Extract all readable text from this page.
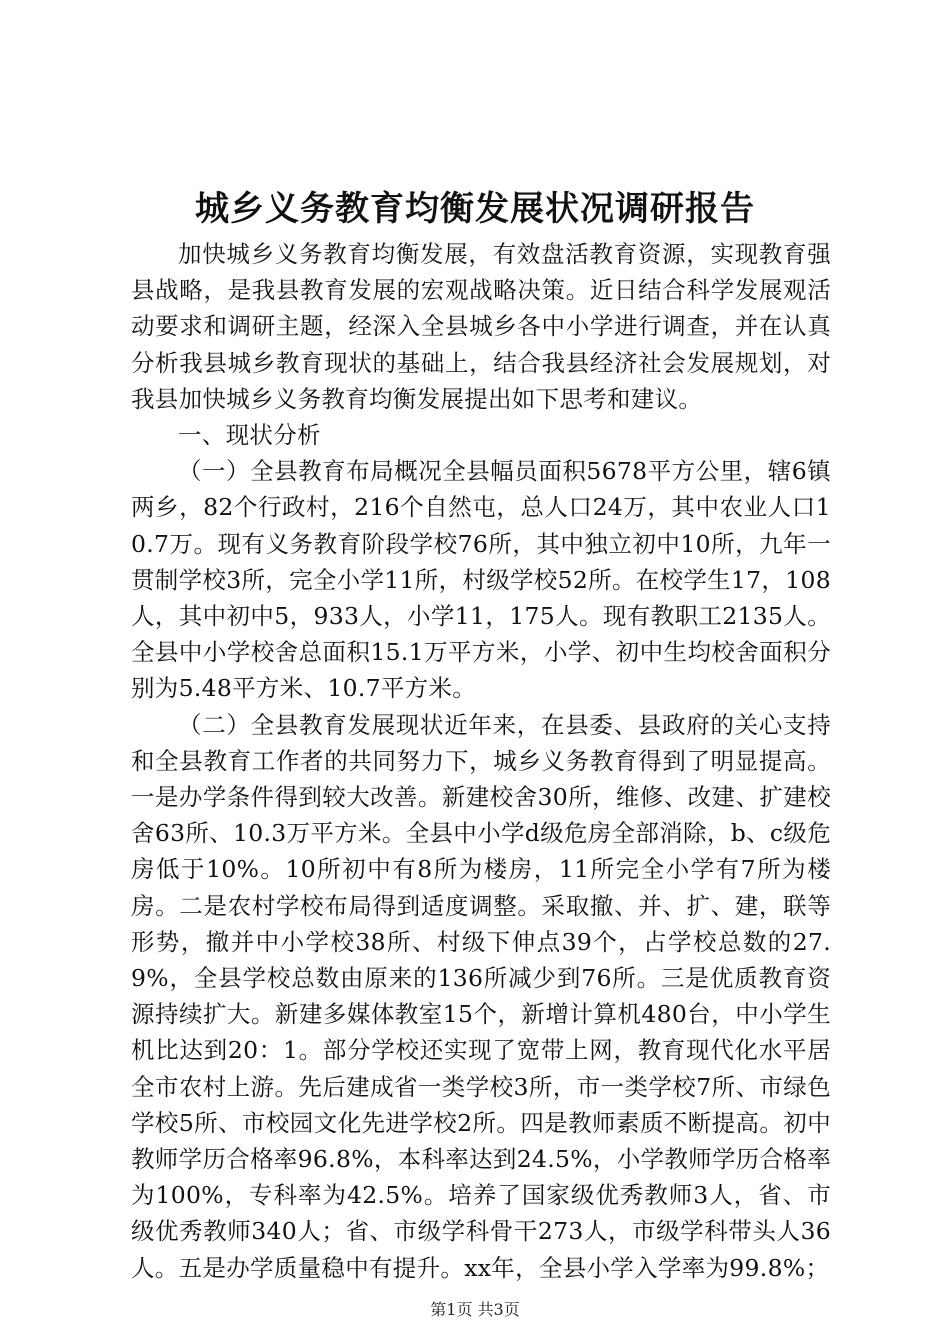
城乡义务教育均衡发展状况调研报告

加快城乡义务教育均衡发展，有效盘活教育资源，实现教育强县战略，是我县教育发展的宏观战略决策。近日结合科学发展观活动要求和调研主题，经深入全县城乡各中小学进行调查，并在认真分析我县城乡教育现状的基础上，结合我县经济社会发展规划，对我县加快城乡义务教育均衡发展提出如下思考和建议。

一、现状分析

（一）全县教育布局概况全县幅员面积5678平方公里，辖6镇两乡，82个行政村，216个自然屯，总人口24万，其中农业人口10.7万。现有义务教育阶段学校76所，其中独立初中10所，九年一贯制学校3所，完全小学11所，村级学校52所。在校学生17，108人，其中初中5，933人，小学11，175人。现有教职工2135人。全县中小学校舍总面积15.1万平方米，小学、初中生均校舍面积分别为5.48平方米、10.7平方米。

（二）全县教育发展现状近年来，在县委、县政府的关心支持和全县教育工作者的共同努力下，城乡义务教育得到了明显提高。一是办学条件得到较大改善。新建校舍30所，维修、改建、扩建校舍63所、10.3万平方米。全县中小学d级危房全部消除，b、c级危房低于10%。10所初中有8所为楼房，11所完全小学有7所为楼房。二是农村学校布局得到适度调整。采取撤、并、扩、建，联等形势，撤并中小学校38所、村级下伸点39个，占学校总数的27.9%，全县学校总数由原来的136所减少到76所。三是优质教育资源持续扩大。新建多媒体教室15个，新增计算机480台，中小学生机比达到20：1。部分学校还实现了宽带上网，教育现代化水平居全市农村上游。先后建成省一类学校3所，市一类学校7所、市绿色学校5所、市校园文化先进学校2所。四是教师素质不断提高。初中教师学历合格率96.8%，本科率达到24.5%，小学教师学历合格率为100%，专科率为42.5%。培养了国家级优秀教师3人，省、市级优秀教师340人；省、市级学科骨干273人，市级学科带头人36人。五是办学质量稳中有提升。xx年，全县小学入学率为99.8%；

第1页 共3页
